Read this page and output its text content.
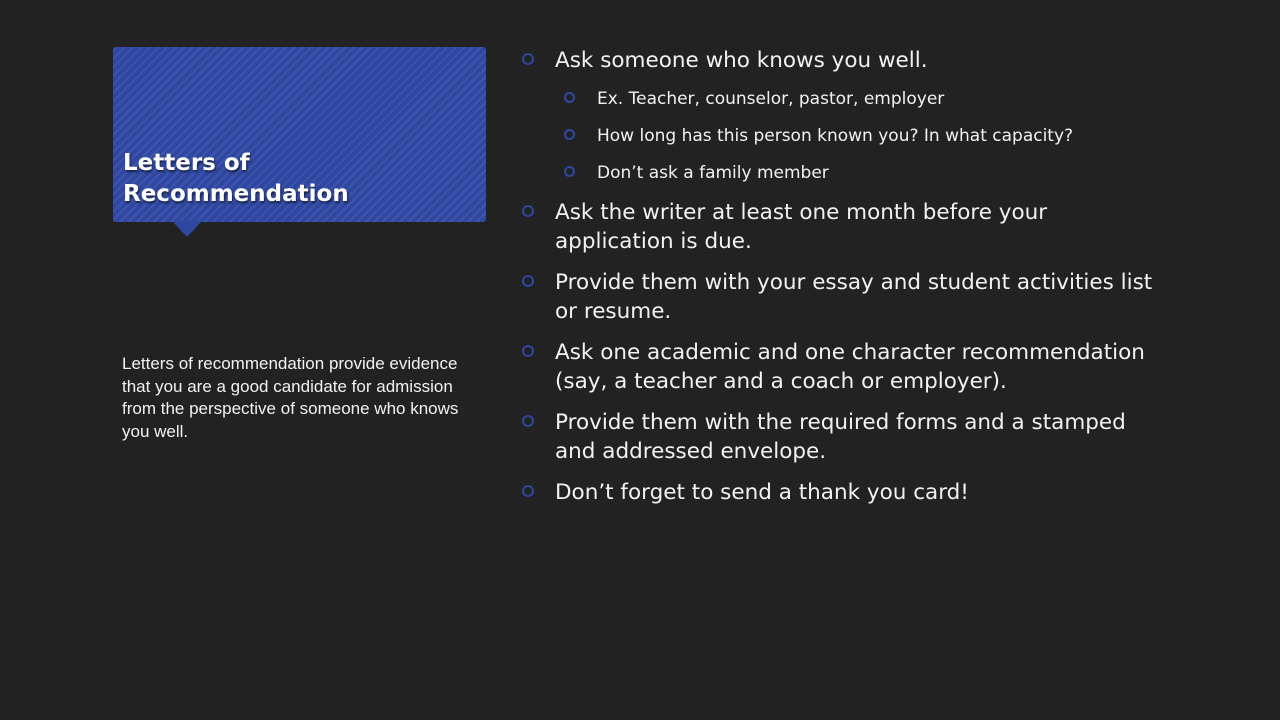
Letters of
Recommendation

Letters of recommendation provide evidence that you are a good candidate for admission from the perspective of someone who knows you well.

Ask someone who knows you well.
Ex. Teacher, counselor, pastor, employer
How long has this person known you? In what capacity?
Don’t ask a family member
Ask the writer at least one month before your application is due.
Provide them with your essay and student activities list or resume.
Ask one academic and one character recommendation (say, a teacher and a coach or employer).
Provide them with the required forms and a stamped and addressed envelope.
Don’t forget to send a thank you card!
